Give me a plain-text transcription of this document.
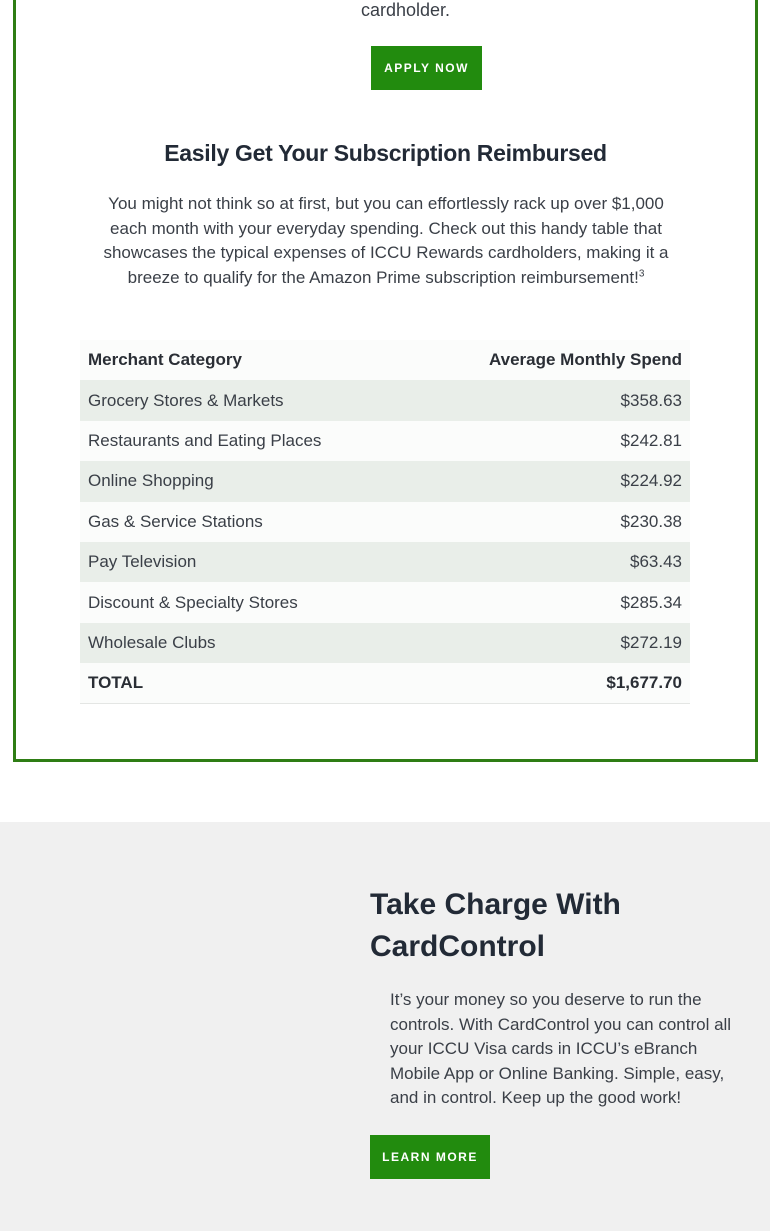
cardholder.

APPLY NOW
Easily Get Your Subscription Reimbursed

You might not think so at first, but you can effortlessly rack up over $1,000 each month with your everyday spending. Check out this handy table that showcases the typical expenses of ICCU Rewards cardholders, making it a breeze to qualify for the Amazon Prime subscription reimbursement!$^3$

Merchant Category	Average Monthly Spend
Grocery Stores & Markets	$358.63
Restaurants and Eating Places	$242.81
Online Shopping	$224.92
Gas & Service Stations	$230.38
Pay Television	$63.43
Discount & Specialty Stores	$285.34
Wholesale Clubs	$272.19
TOTAL	$1,677.70
Take Charge With CardControl

It’s your money so you deserve to run the controls. With CardControl you can control all your ICCU Visa cards in ICCU’s eBranch Mobile App or Online Banking. Simple, easy, and in control. Keep up the good work!

LEARN MORE
